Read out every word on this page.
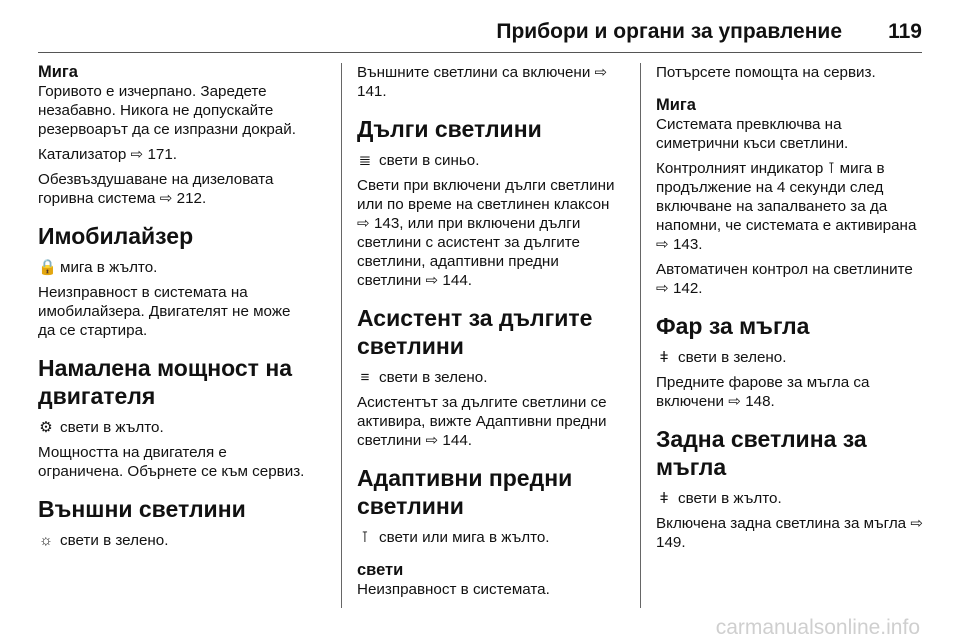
Прибори и органи за управление 119
Мига

Горивото е изчерпано. Заредете незабавно. Никога не допускайте резервоарът да се изпразни докрай.

Катализатор ⇨ 171.

Обезвъздушаване на дизеловата горивна система ⇨ 212.

Имобилайзер

🔒 мига в жълто.

Неизправност в системата на имобилайзера. Двигателят не може да се стартира.

Намалена мощност на двигателя

⚙ свети в жълто.

Мощността на двигателя е ограничена. Обърнете се към сервиз.

Външни светлини

☼ свети в зелено.

Външните светлини са включени ⇨ 141.

Дълги светлини

≣ свети в синьо.

Свети при включени дълги светлини или по време на светлинен клаксон ⇨ 143, или при включени дълги светлини с асистент за дългите светлини, адаптивни предни светлини ⇨ 144.

Асистент за дългите светлини

≡ свети в зелено.

Асистентът за дългите светлини се активира, вижте Адаптивни предни светлини ⇨ 144.

Адаптивни предни светлини

⊺ свети или мига в жълто.

свети

Неизправност в системата.

Потърсете помощта на сервиз.

Мига

Системата превключва на симетрични къси светлини.

Контролният индикатор ⊺ мига в продължение на 4 секунди след включване на запалването за да напомни, че системата е активирана ⇨ 143.

Автоматичен контрол на светлините ⇨ 142.

Фар за мъгла

ǂ свети в зелено.

Предните фарове за мъгла са включени ⇨ 148.

Задна светлина за мъгла

ǂ свети в жълто.

Включена задна светлина за мъгла ⇨ 149.

carmanualsonline.info
